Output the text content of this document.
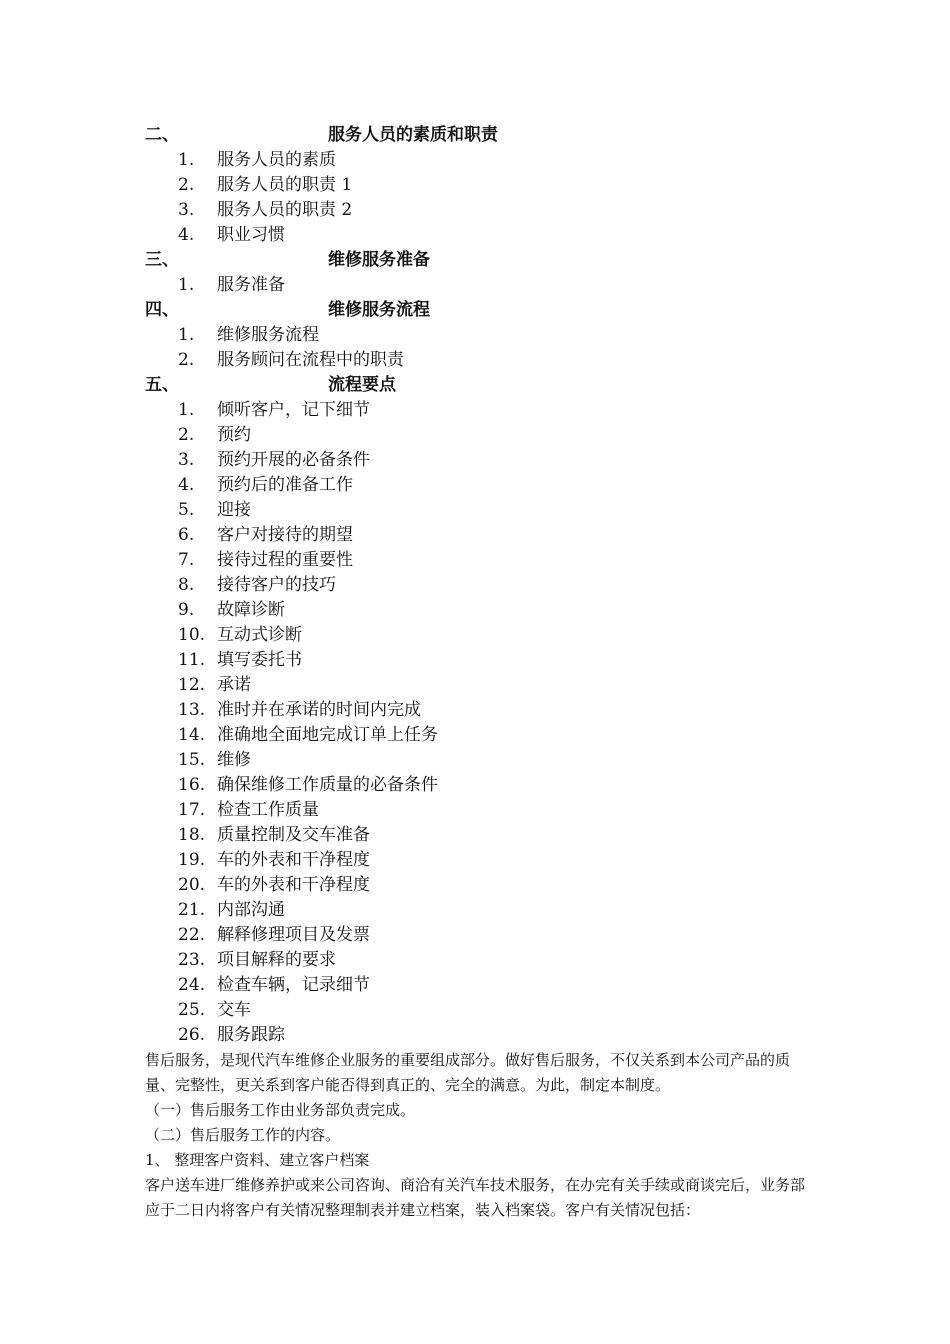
二、	服务人员的素质和职责
1.	服务人员的素质
2.	服务人员的职责 1
3.	服务人员的职责 2
4.	职业习惯
三、	维修服务准备
1.	服务准备
四、	维修服务流程
1.	维修服务流程
2.	服务顾问在流程中的职责
五、	流程要点
1.	倾听客户，记下细节
2.	预约
3.	预约开展的必备条件
4.	预约后的准备工作
5.	迎接
6.	客户对接待的期望
7.	接待过程的重要性
8.	接待客户的技巧
9.	故障诊断
10. 互动式诊断
11. 填写委托书
12. 承诺
13. 准时并在承诺的时间内完成
14. 准确地全面地完成订单上任务
15. 维修
16. 确保维修工作质量的必备条件
17. 检查工作质量
18. 质量控制及交车准备
19. 车的外表和干净程度
20. 车的外表和干净程度
21. 内部沟通
22. 解释修理项目及发票
23. 项目解释的要求
24. 检查车辆，记录细节
25. 交车
26. 服务跟踪

售后服务，是现代汽车维修企业服务的重要组成部分。做好售后服务，不仅关系到本公司产品的质量、完整性，更关系到客户能否得到真正的、完全的满意。为此，制定本制度。

（一）售后服务工作由业务部负责完成。

（二）售后服务工作的内容。

1、 整理客户资料、建立客户档案

客户送车进厂维修养护或来公司咨询、商洽有关汽车技术服务，在办完有关手续或商谈完后，业务部应于二日内将客户有关情况整理制表并建立档案，装入档案袋。客户有关情况包括：
